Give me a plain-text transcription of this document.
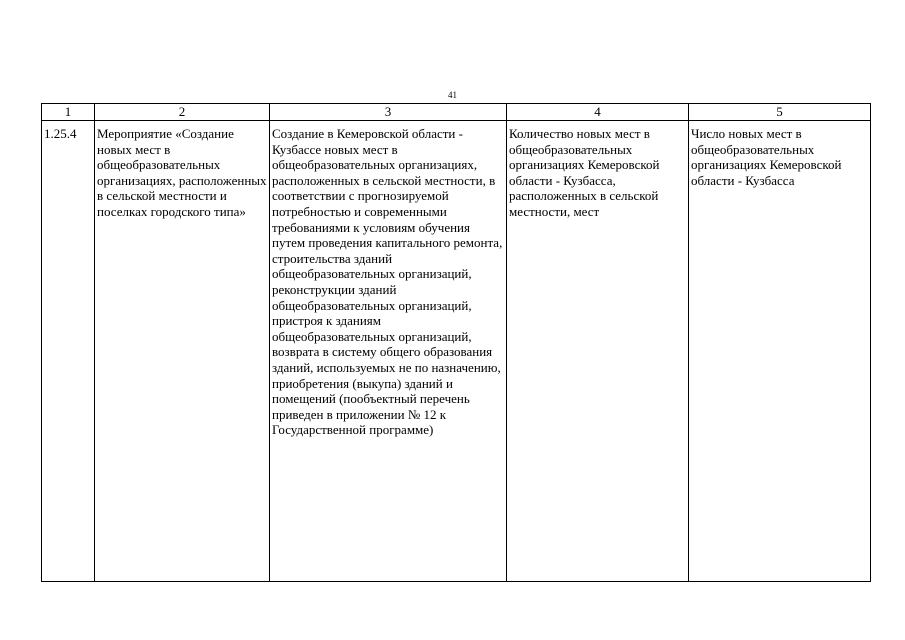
41
1	2	3	4	5
1.25.4	Мероприятие «Создание новых мест в общеобразовательных организациях, расположенных в сельской местности и поселках городского типа»	Создание в Кемеровской области - Кузбассе новых мест в общеобразовательных организациях, расположенных в сельской местности, в соответствии с прогнозируемой потребностью и современными требованиями к условиям обучения путем проведения капитального ремонта, строительства зданий общеобразовательных организаций, реконструкции зданий общеобразовательных организаций, пристроя к зданиям общеобразовательных организаций, возврата в систему общего образования зданий, используемых не по назначению, приобретения (выкупа) зданий и помещений (пообъектный перечень приведен в приложении № 12 к Государственной программе)	Количество новых мест в общеобразовательных организациях Кемеровской области - Кузбасса, расположенных в сельской местности, мест	Число новых мест в общеобразовательных организациях Кемеровской области - Кузбасса
